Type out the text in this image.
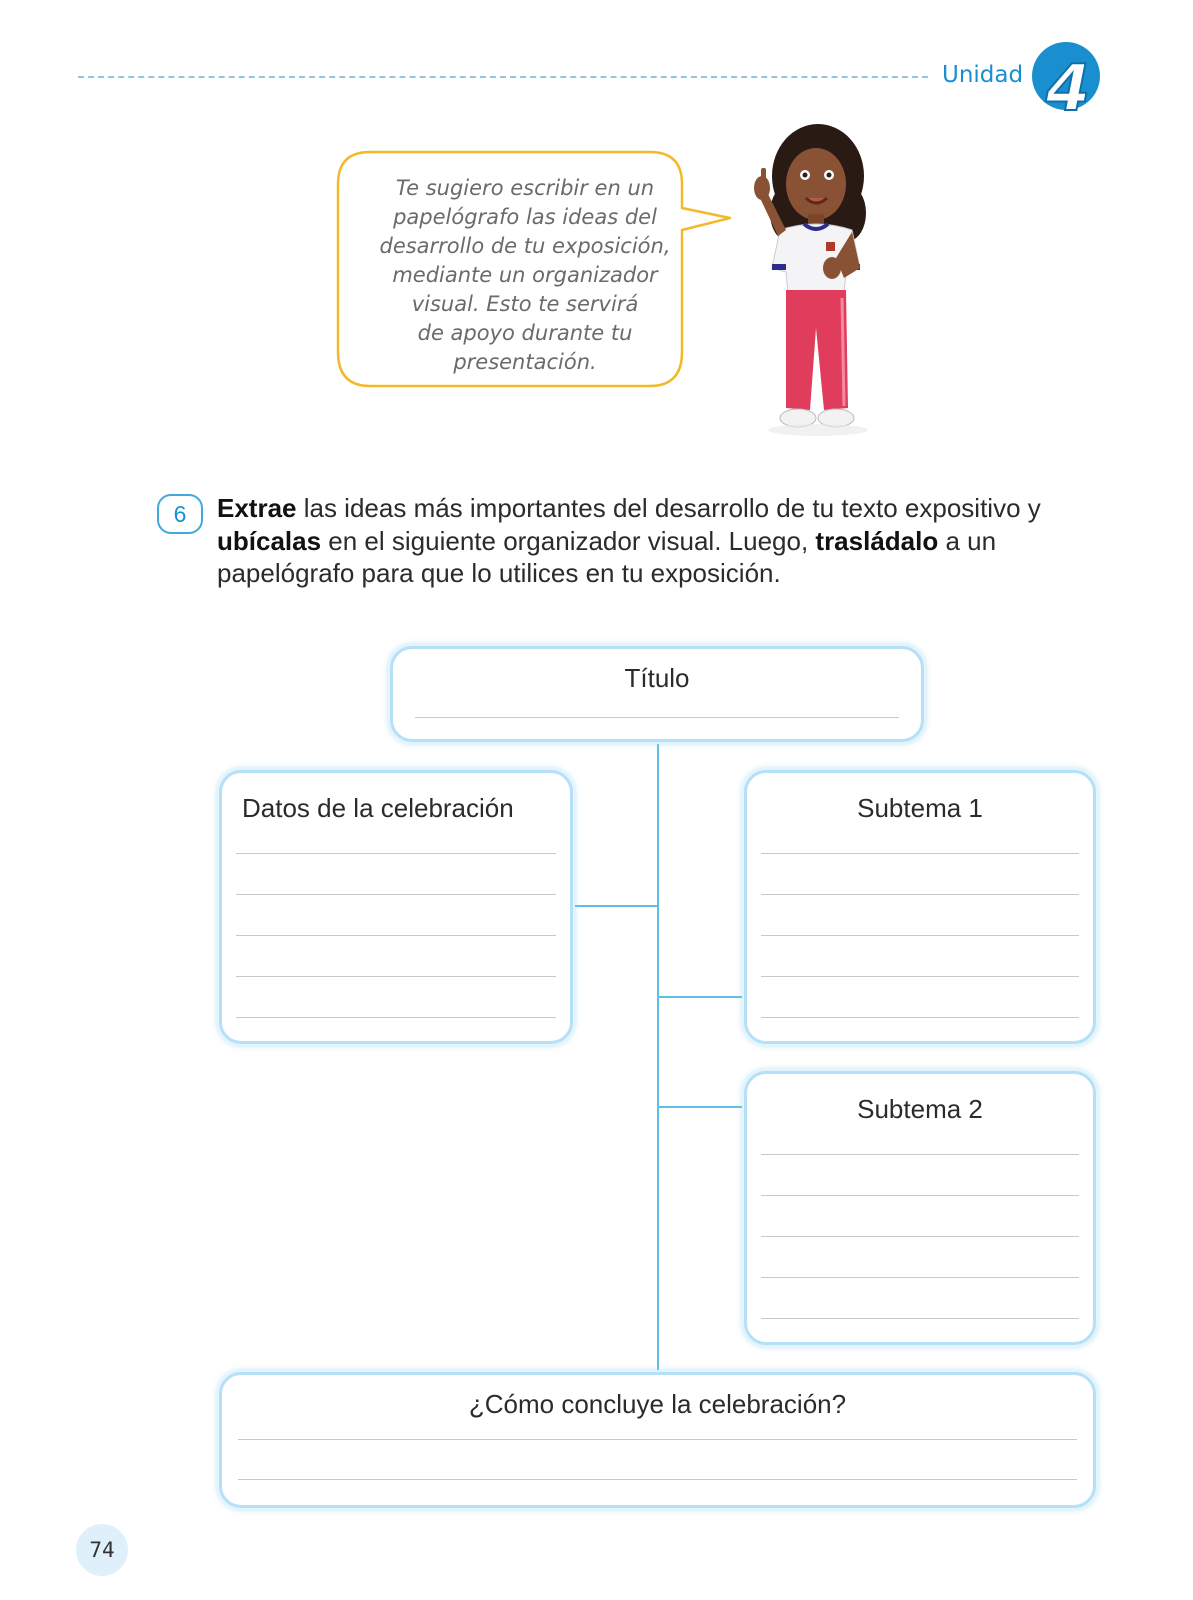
Unidad 4
Te sugiero escribir en un
papelógrafo las ideas del
desarrollo de tu exposición,
mediante un organizador
visual. Esto te servirá
de apoyo durante tu
presentación.
6	Extrae las ideas más importantes del desarrollo de tu texto expositivo y ubícalas en el siguiente organizador visual. Luego, trasládalo a un papelógrafo para que lo utilices en tu exposición.
Título
Datos de la celebración	Subtema 1
Subtema 2
¿Cómo concluye la celebración?
74
